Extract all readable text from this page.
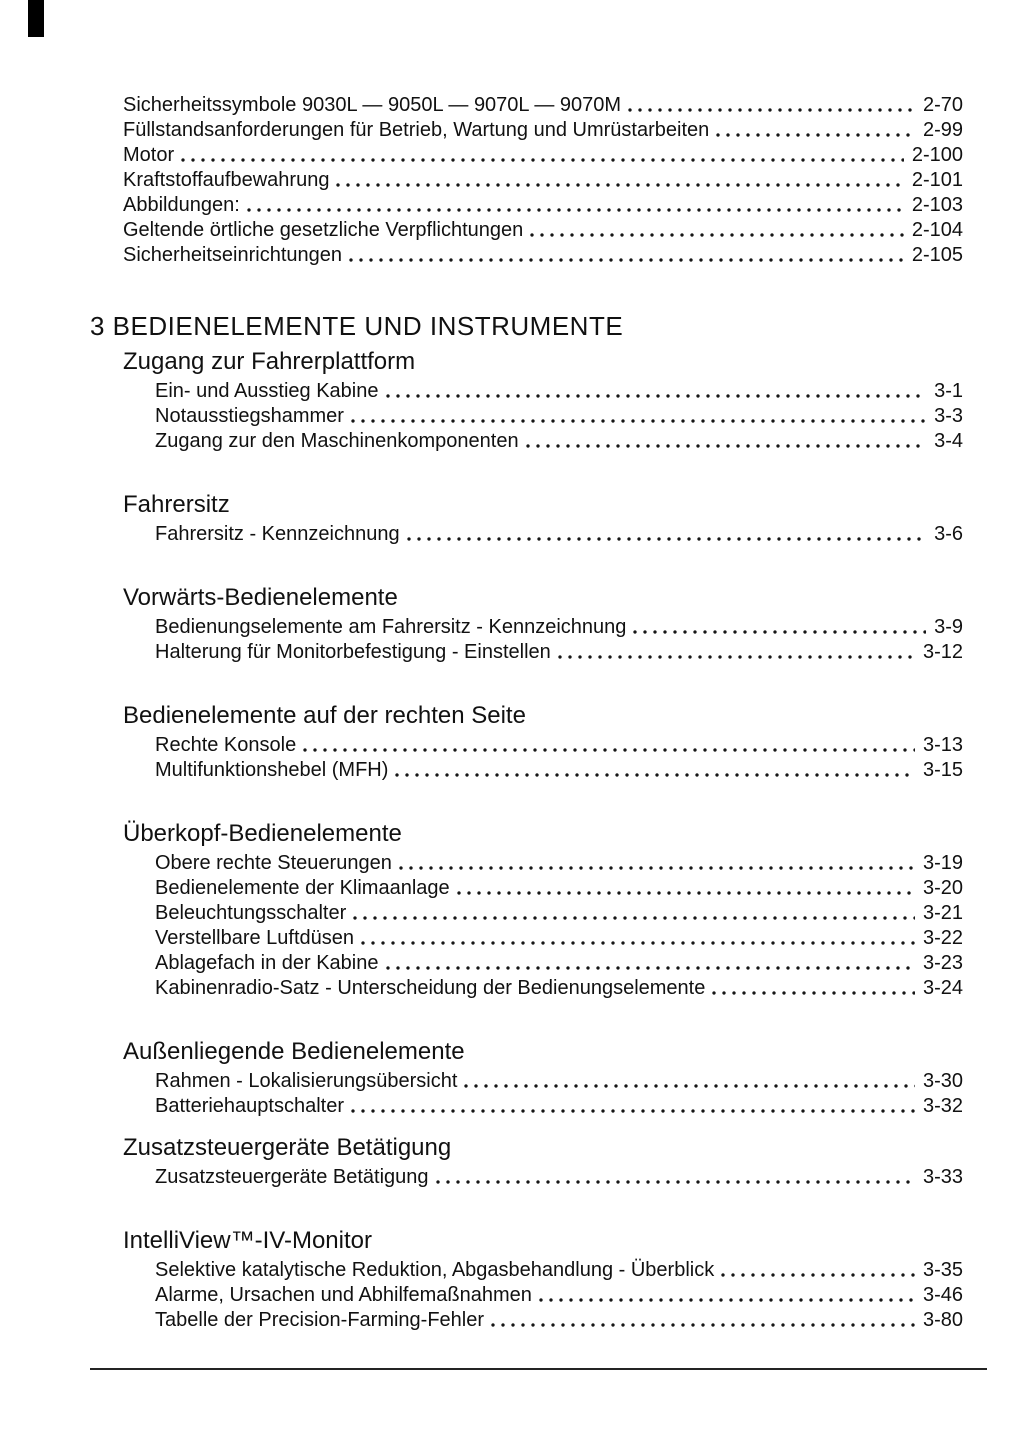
Sicherheitssymbole 9030L — 9050L — 9070L — 9070M	2-70
Füllstandsanforderungen für Betrieb, Wartung und Umrüstarbeiten	2-99
Motor	2-100
Kraftstoffaufbewahrung	2-101
Abbildungen:	2-103
Geltende örtliche gesetzliche Verpflichtungen	2-104
Sicherheitseinrichtungen	2-105
3 BEDIENELEMENTE UND INSTRUMENTE
Zugang zur Fahrerplattform
Ein- und Ausstieg Kabine	3-1
Notausstiegshammer	3-3
Zugang zur den Maschinenkomponenten	3-4
Fahrersitz
Fahrersitz - Kennzeichnung	3-6
Vorwärts-Bedienelemente
Bedienungselemente am Fahrersitz - Kennzeichnung	3-9
Halterung für Monitorbefestigung - Einstellen	3-12
Bedienelemente auf der rechten Seite
Rechte Konsole	3-13
Multifunktionshebel (MFH)	3-15
Überkopf-Bedienelemente
Obere rechte Steuerungen	3-19
Bedienelemente der Klimaanlage	3-20
Beleuchtungsschalter	3-21
Verstellbare Luftdüsen	3-22
Ablagefach in der Kabine	3-23
Kabinenradio-Satz - Unterscheidung der Bedienungselemente	3-24
Außenliegende Bedienelemente
Rahmen - Lokalisierungsübersicht	3-30
Batteriehauptschalter	3-32
Zusatzsteuergeräte Betätigung
Zusatzsteuergeräte Betätigung	3-33
IntelliView™-IV-Monitor
Selektive katalytische Reduktion, Abgasbehandlung - Überblick	3-35
Alarme, Ursachen und Abhilfemaßnahmen	3-46
Tabelle der Precision-Farming-Fehler	3-80
